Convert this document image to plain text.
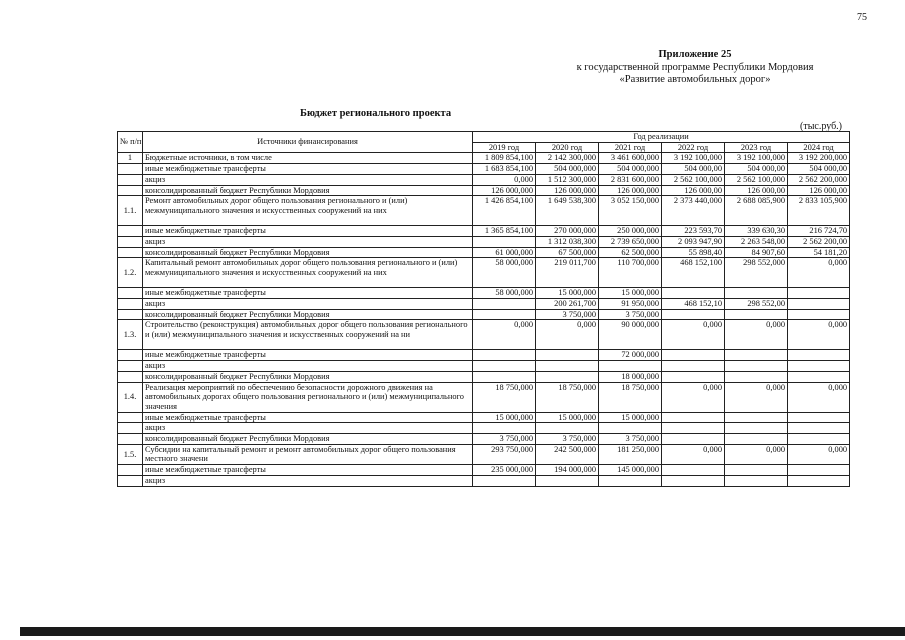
75
Приложение 25
к государственной программе Республики Мордовия
«Развитие автомобильных дорог»
Бюджет регионального проекта
(тыс.руб.)
№ п/п	Источники финансирования	Год реализации					
		2019 год	2020 год	2021 год	2022 год	2023 год	2024 год
1	Бюджетные источники, в том числе	1 809 854,100	2 142 300,000	3 461 600,000	3 192 100,000	3 192 100,000	3 192 200,000
	иные межбюджетные трансферты	1 683 854,100	504 000,000	504 000,000	504 000,00	504 000,00	504 000,00
	акциз	0,000	1 512 300,000	2 831 600,000	2 562 100,000	2 562 100,000	2 562 200,000
	консолидированный бюджет Республики Мордовия	126 000,000	126 000,000	126 000,000	126 000,00	126 000,00	126 000,00
1.1.	Ремонт автомобильных дорог общего пользования регионального и (или) межмуниципального значения и искусственных сооружений на них	1 426 854,100	1 649 538,300	3 052 150,000	2 373 440,000	2 688 085,900	2 833 105,900
	иные межбюджетные трансферты	1 365 854,100	270 000,000	250 000,000	223 593,70	339 630,30	216 724,70
	акциз		1 312 038,300	2 739 650,000	2 093 947,90	2 263 548,00	2 562 200,00
	консолидированный бюджет Республики Мордовия	61 000,000	67 500,000	62 500,000	55 898,40	84 907,60	54 181,20
1.2.	Капитальный ремонт автомобильных дорог общего пользования регионального и (или) межмуниципального значения и искусственных сооружений на них	58 000,000	219 011,700	110 700,000	468 152,100	298 552,000	0,000
	иные межбюджетные трансферты	58 000,000	15 000,000	15 000,000			
	акциз		200 261,700	91 950,000	468 152,10	298 552,00	
	консолидированный бюджет Республики Мордовия		3 750,000	3 750,000			
1.3.	Строительство (реконструкция) автомобильных дорог общего пользования регионального и (или) межмуниципального значения и искусственных сооружений на ни	0,000	0,000	90 000,000	0,000	0,000	0,000
	иные межбюджетные трансферты			72 000,000			
	акциз						
	консолидированный бюджет Республики Мордовия			18 000,000			
1.4.	Реализация мероприятий по обеспечению безопасности дорожного движения на автомобильных дорогах общего пользования регионального и (или) межмуниципального значения	18 750,000	18 750,000	18 750,000	0,000	0,000	0,000
	иные межбюджетные трансферты	15 000,000	15 000,000	15 000,000			
	акциз						
	консолидированный бюджет Республики Мордовия	3 750,000	3 750,000	3 750,000			
1.5.	Субсидии на капитальный ремонт и ремонт автомобильных дорог общего пользования местного значени	293 750,000	242 500,000	181 250,000	0,000	0,000	0,000
	иные межбюджетные трансферты	235 000,000	194 000,000	145 000,000			
	акциз						
